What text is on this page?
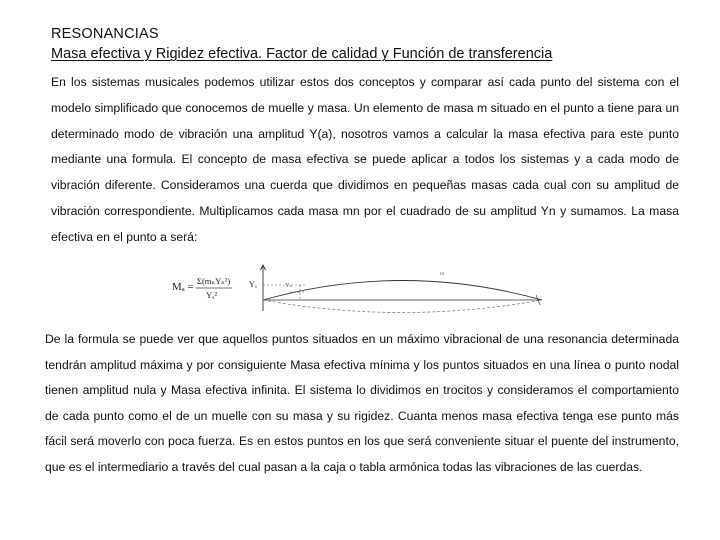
RESONANCIAS
Masa efectiva y Rigidez efectiva. Factor de calidad y Función de transferencia

En los sistemas musicales podemos utilizar estos dos conceptos y comparar así cada punto del sistema con el modelo simplificado que conocemos de muelle y masa. Un elemento de masa m situado en el punto a tiene para un determinado modo de vibración una amplitud Y(a), nosotros vamos a calcular la masa efectiva para este punto mediante una formula. El concepto de masa efectiva se puede aplicar a todos los sistemas y a cada modo de vibración diferente. Consideramos una cuerda que dividimos en pequeñas masas cada cual con su amplitud de vibración correspondiente. Multiplicamos cada masa mn por el cuadrado de su amplitud Yn y sumamos. La masa efectiva en el punto a será:

Mₐ = Σ(mₙYₙ²)
Yₐ²
Yₐ	Yₙ
m

De la formula se puede ver que aquellos puntos situados en un máximo vibracional de una resonancia determinada tendrán amplitud máxima y por consiguiente Masa efectiva mínima y los puntos situados en una línea o punto nodal tienen amplitud nula y Masa efectiva infinita. El sistema lo dividimos en trocitos y consideramos el comportamiento de cada punto como el de un muelle con su masa y su rigidez. Cuanta menos masa efectiva tenga ese punto más fácil será moverlo con poca fuerza. Es en estos puntos en los que será conveniente situar el puente del instrumento, que es el intermediario a través del cual pasan a la caja o tabla armónica todas las vibraciones de las cuerdas.
